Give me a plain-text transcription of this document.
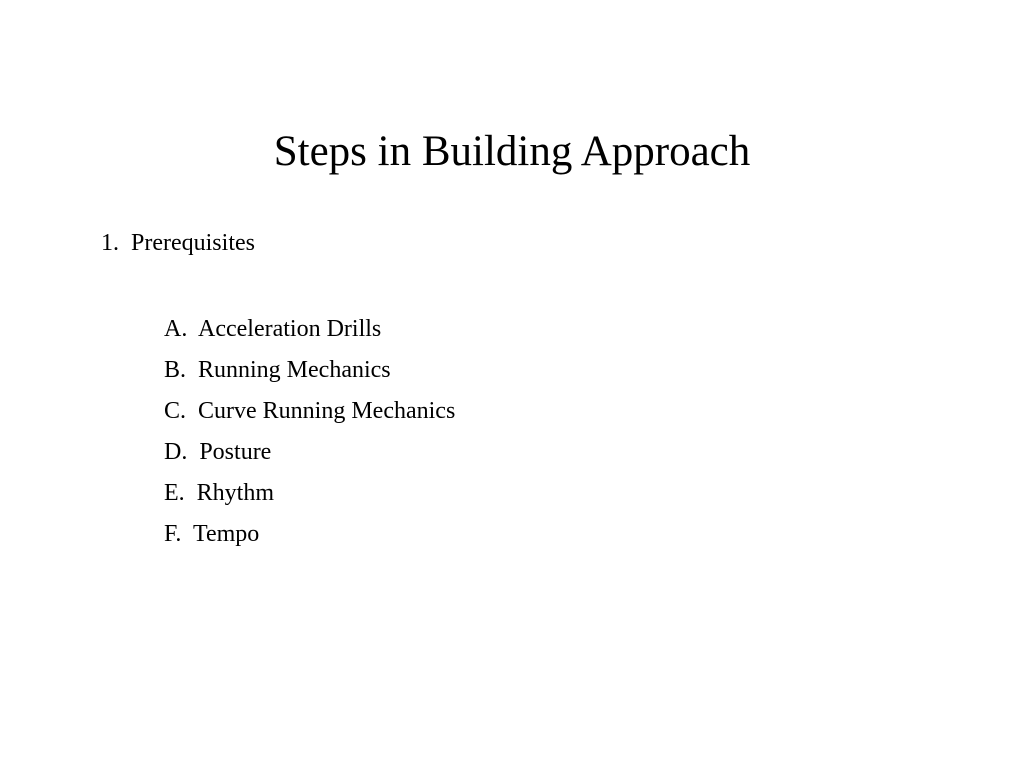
Steps in Building Approach
1.  Prerequisites
A.  Acceleration Drills
B.  Running Mechanics
C.  Curve Running Mechanics
D.  Posture
E.  Rhythm
F.  Tempo
